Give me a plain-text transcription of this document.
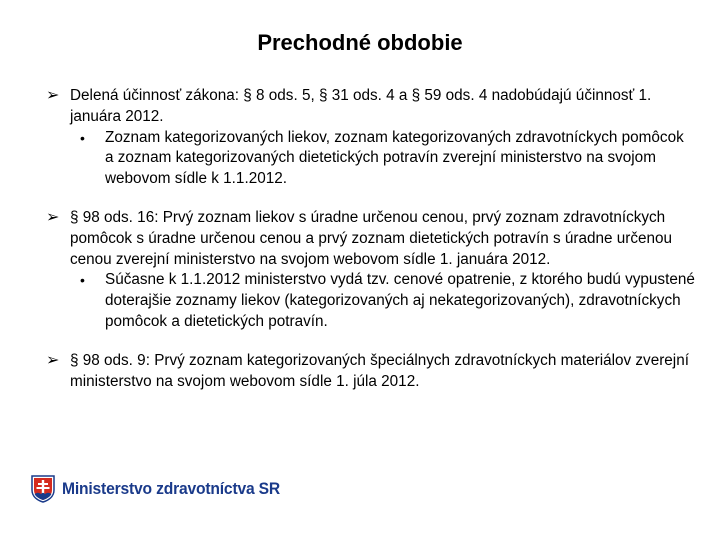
Prechodné obdobie
➢ Delená účinnosť zákona: § 8 ods. 5, § 31 ods. 4 a § 59 ods. 4 nadobúdajú účinnosť 1. januára 2012.
• Zoznam kategorizovaných liekov, zoznam kategorizovaných zdravotníckych pomôcok a zoznam kategorizovaných dietetických potravín zverejní ministerstvo na svojom webovom sídle k 1.1.2012.
➢ § 98 ods. 16: Prvý zoznam liekov s úradne určenou cenou, prvý zoznam zdravotníckych pomôcok s úradne určenou cenou a prvý zoznam dietetických potravín s úradne určenou cenou zverejní ministerstvo na svojom webovom sídle 1. januára 2012.
• Súčasne k 1.1.2012 ministerstvo vydá tzv. cenové opatrenie, z ktorého budú vypustené doterajšie zoznamy liekov (kategorizovaných aj nekategorizovaných), zdravotníckych pomôcok a dietetických potravín.
➢ § 98 ods. 9: Prvý zoznam kategorizovaných špeciálnych zdravotníckych materiálov zverejní ministerstvo na svojom webovom sídle 1. júla 2012.
Ministerstvo zdravotníctva SR
